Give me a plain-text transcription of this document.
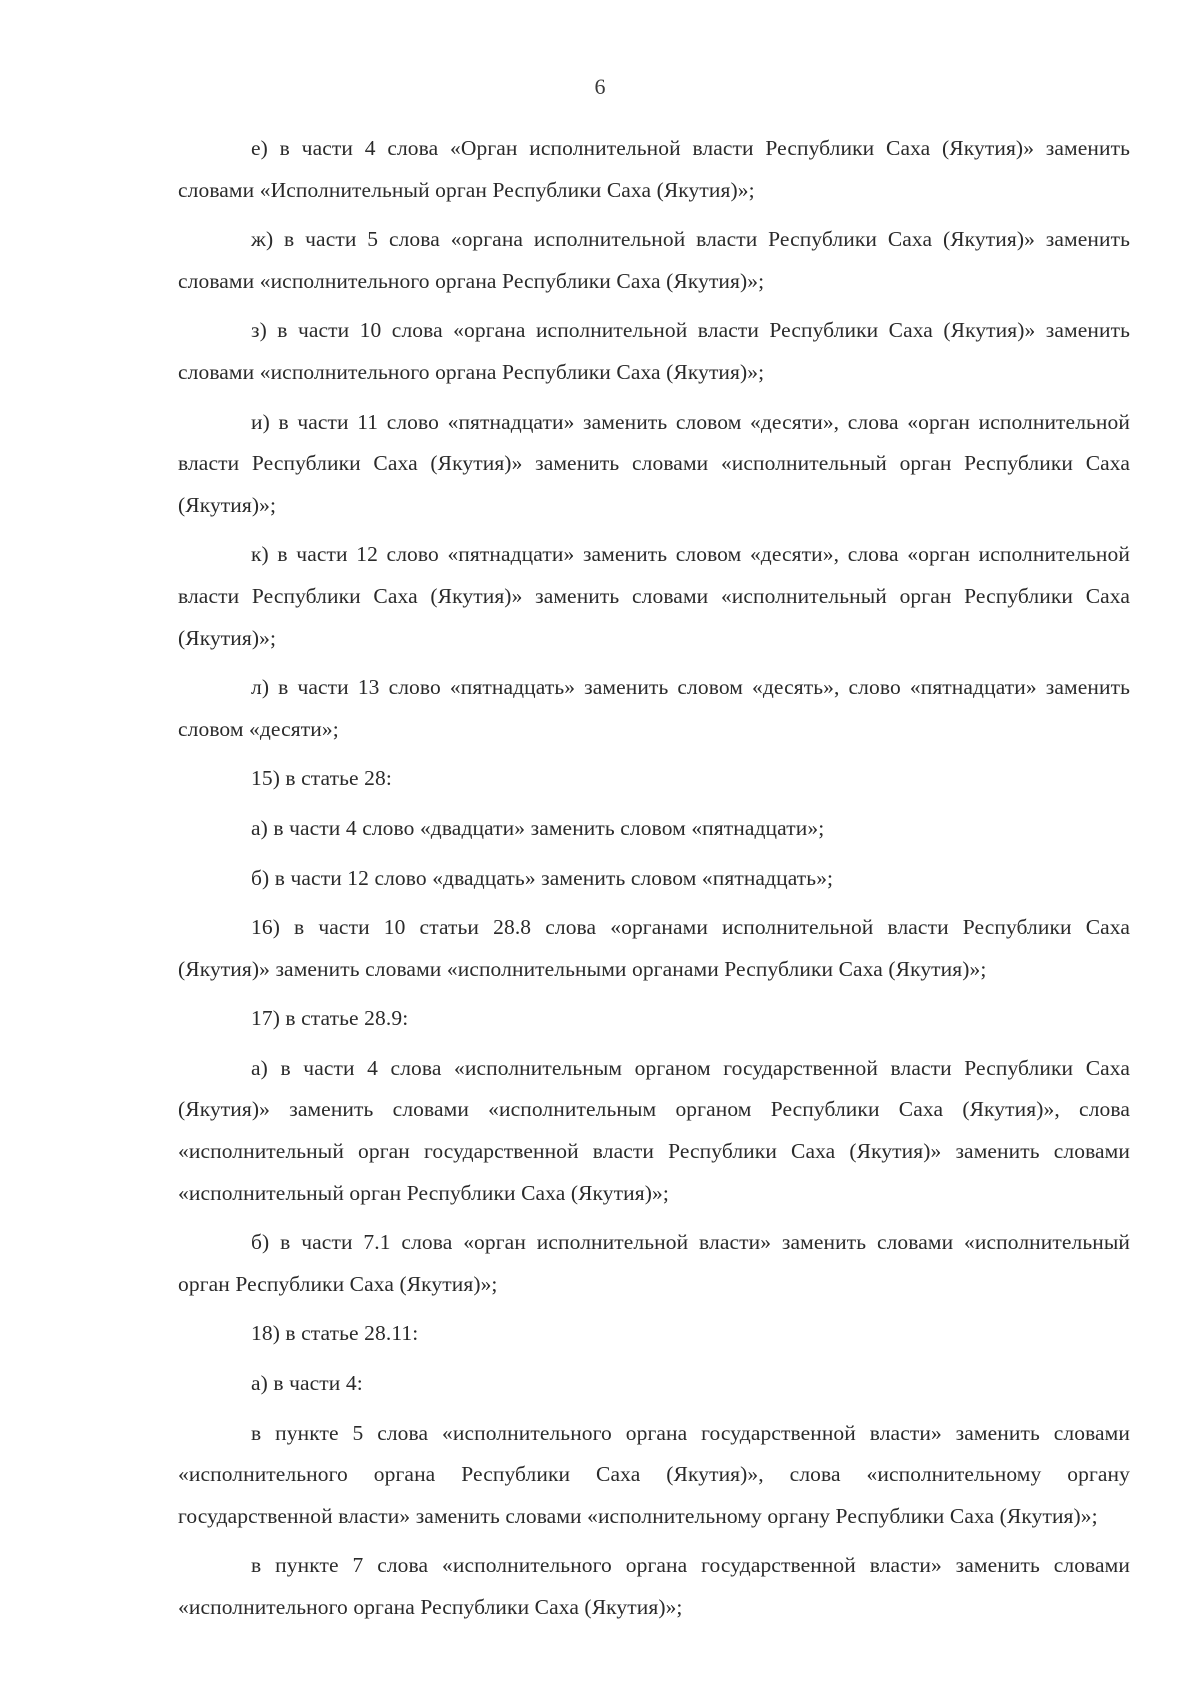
6

е) в части 4 слова «Орган исполнительной власти Республики Саха (Якутия)» заменить словами «Исполнительный орган Республики Саха (Якутия)»;

ж) в части 5 слова «органа исполнительной власти Республики Саха (Якутия)» заменить словами «исполнительного органа Республики Саха (Якутия)»;

з) в части 10 слова «органа исполнительной власти Республики Саха (Якутия)» заменить словами «исполнительного органа Республики Саха (Якутия)»;

и) в части 11 слово «пятнадцати» заменить словом «десяти», слова «орган исполнительной власти Республики Саха (Якутия)» заменить словами «исполнительный орган Республики Саха (Якутия)»;

к) в части 12 слово «пятнадцати» заменить словом «десяти», слова «орган исполнительной власти Республики Саха (Якутия)» заменить словами «исполнительный орган Республики Саха (Якутия)»;

л) в части 13 слово «пятнадцать» заменить словом «десять», слово «пятнадцати» заменить словом «десяти»;

15) в статье 28:

а) в части 4 слово «двадцати» заменить словом «пятнадцати»;

б) в части 12 слово «двадцать» заменить словом «пятнадцать»;

16) в части 10 статьи 28.8 слова «органами исполнительной власти Республики Саха (Якутия)» заменить словами «исполнительными органами Республики Саха (Якутия)»;

17) в статье 28.9:

а) в части 4 слова «исполнительным органом государственной власти Республики Саха (Якутия)» заменить словами «исполнительным органом Республики Саха (Якутия)», слова «исполнительный орган государственной власти Республики Саха (Якутия)» заменить словами «исполнительный орган Республики Саха (Якутия)»;

б) в части 7.1 слова «орган исполнительной власти» заменить словами «исполнительный орган Республики Саха (Якутия)»;

18) в статье 28.11:

а) в части 4:

в пункте 5 слова «исполнительного органа государственной власти» заменить словами «исполнительного органа Республики Саха (Якутия)», слова «исполнительному органу государственной власти» заменить словами «исполнительному органу Республики Саха (Якутия)»;

в пункте 7 слова «исполнительного органа государственной власти» заменить словами «исполнительного органа Республики Саха (Якутия)»;
